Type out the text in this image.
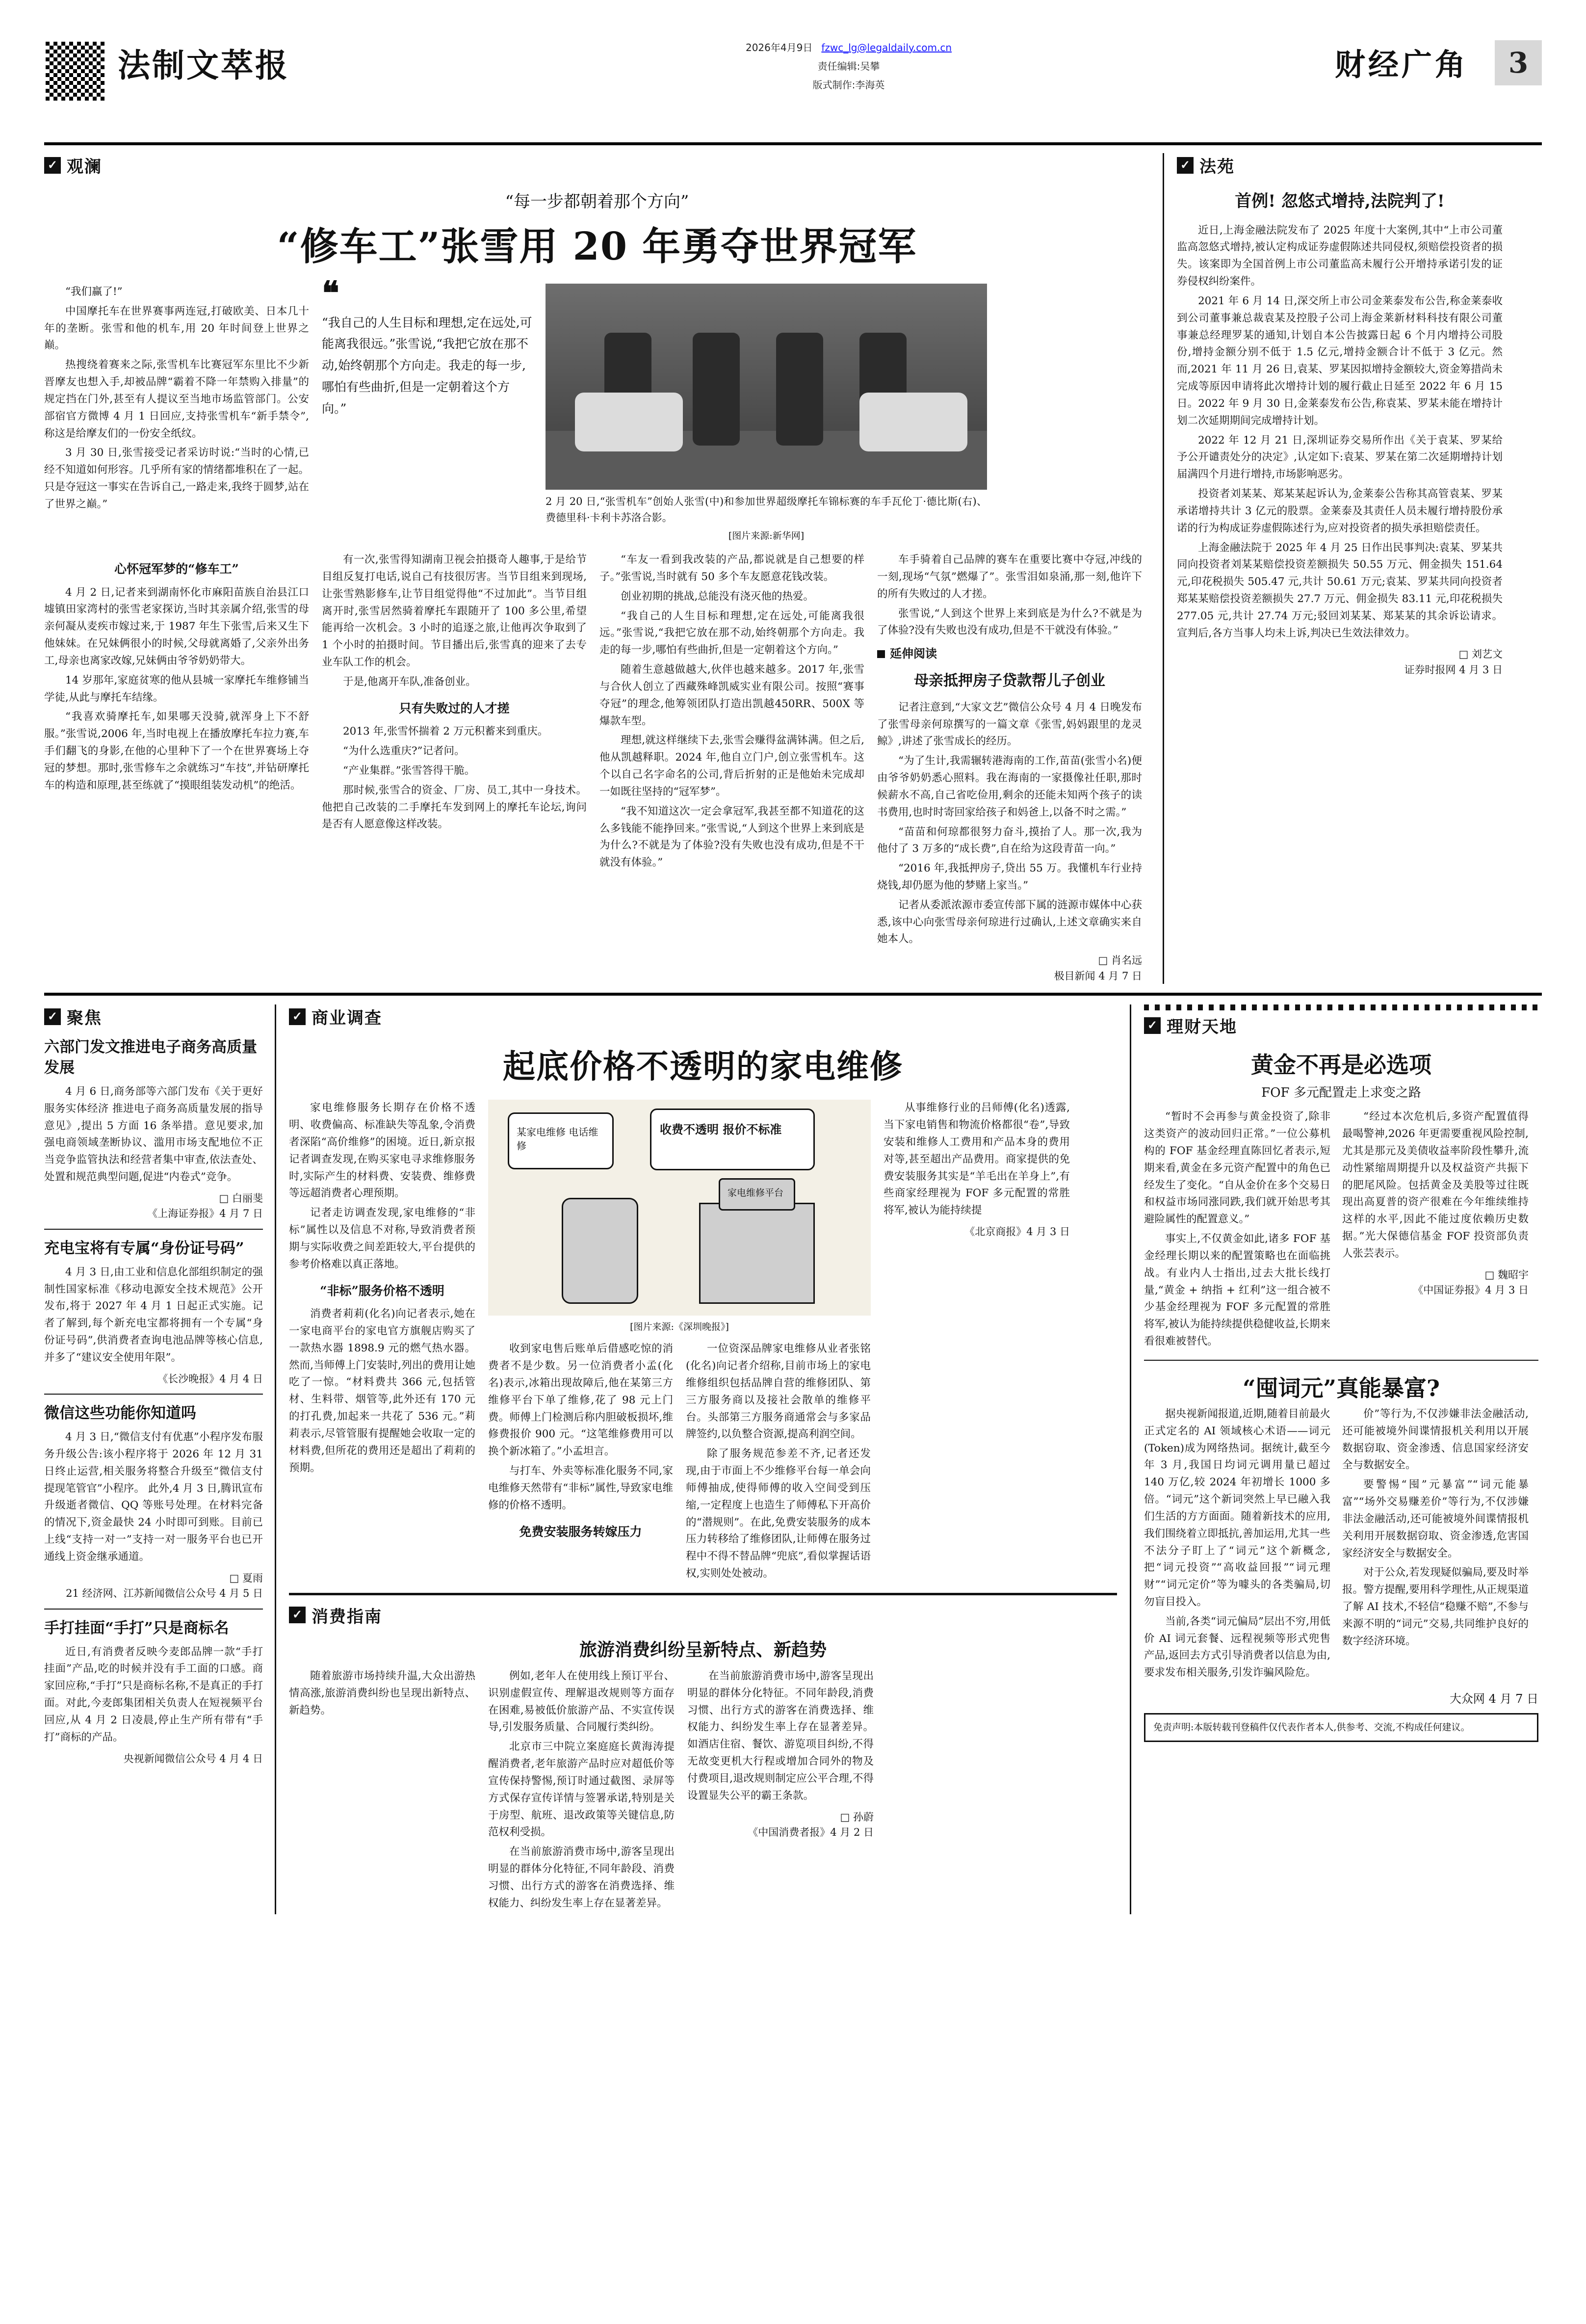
法制文萃报	2026年4月9日 fzwc_lg@legaldaily.com.cn
责任编辑:吴攀
版式制作:李海英
财经广角	3
✓ 观澜
“每一步都朝着那个方向”
“修车工”张雪用 20 年勇夺世界冠军

“我们赢了!”

中国摩托车在世界赛事两连冠,打破欧美、日本几十年的垄断。张雪和他的机车,用 20 年时间登上世界之巅。

热搜绕着赛来之际,张雪机车比赛冠军东里比不少新晋摩友也想入手,却被品牌“霸着不降一年禁购入排量”的规定挡在门外,甚至有人提议至当地市场监管部门。公安部宿官方微博 4 月 1 日回应,支持张雪机车“新手禁令”,称这是给摩友们的一份安全纸纹。

3 月 30 日,张雪接受记者采访时说:“当时的心情,已经不知道如何形容。几乎所有家的情绪都堆积在了一起。只是夺冠这一事实在告诉自己,一路走来,我终于圆梦,站在了世界之巅。”

❝
“我自己的人生目标和理想,定在远处,可能离我很远。”张雪说,“我把它放在那不动,始终朝那个方向走。我走的每一步,哪怕有些曲折,但是一定朝着这个方向。”
2 月 20 日,“张雪机车”创始人张雪(中)和参加世界超级摩托车锦标赛的车手瓦伦丁·德比斯(右)、费德里科·卡利卡苏洛合影。
[图片来源:新华网]
心怀冠军梦的“修车工”

4 月 2 日,记者来到湖南怀化市麻阳苗族自治县江口墟镇田家湾村的张雪老家探访,当时其亲属介绍,张雪的母亲何凝从麦疾市嫁过来,于 1987 年生下张雪,后来又生下他妹妹。在兄妹俩很小的时候,父母就离婚了,父亲外出务工,母亲也离家改嫁,兄妹俩由爷爷奶奶带大。

14 岁那年,家庭贫寒的他从县城一家摩托车维修铺当学徒,从此与摩托车结缘。

“我喜欢骑摩托车,如果哪天没骑,就浑身上下不舒服。”张雪说,2006 年,当时电视上在播放摩托车拉力赛,车手们翻飞的身影,在他的心里种下了一个在世界赛场上夺冠的梦想。那时,张雪修车之余就练习“车技”,并钻研摩托车的构造和原理,甚至练就了“摸眼组装发动机”的绝活。

有一次,张雪得知湖南卫视会拍摄奇人趣事,于是给节目组反复打电话,说自己有技很厉害。当节目组来到现场,让张雪熟影修车,让节目组觉得他“不过加此”。当节目组离开时,张雪居然骑着摩托车跟随开了 100 多公里,希望能再给一次机会。3 小时的追逐之旅,让他再次争取到了 1 个小时的拍摄时间。节目播出后,张雪真的迎来了去专业车队工作的机会。

于是,他离开车队,准备创业。

只有失败过的人才搓

2013 年,张雪怀揣着 2 万元积蓄来到重庆。

“为什么选重庆?”记者问。

“产业集群。”张雪答得干脆。

那时候,张雪合的资金、厂房、员工,其中一身技术。他把自己改装的二手摩托车发到网上的摩托车论坛,询问是否有人愿意像这样改装。

“车友一看到我改装的产品,都说就是自己想要的样子。”张雪说,当时就有 50 多个车友愿意花钱改装。

创业初期的挑战,总能没有浇灭他的热爱。

“我自己的人生目标和理想,定在远处,可能离我很远。”张雪说,“我把它放在那不动,始终朝那个方向走。我走的每一步,哪怕有些曲折,但是一定朝着这个方向。”

随着生意越做越大,伙伴也越来越多。2017 年,张雪与合伙人创立了西藏殊峰凯威实业有限公司。按照“赛事夺冠”的理念,他筹领团队打造出凯越450RR、500X 等爆款车型。

理想,就这样继续下去,张雪会赚得盆满钵满。但之后,他从凯越释职。2024 年,他自立门户,创立张雪机车。这个以自己名字命名的公司,背后折射的正是他始未完成却一如既往坚持的“冠军梦”。

“我不知道这次一定会拿冠军,我甚至都不知道花的这么多钱能不能挣回来。”张雪说,“人到这个世界上来到底是为什么?不就是为了体验?没有失败也没有成功,但是不干就没有体验。”

车手骑着自己品牌的赛车在重要比赛中夺冠,冲线的一刻,现场“气氛”燃爆了”。张雪泪如泉涌,那一刻,他许下的所有失败过的人才搓。

张雪说,“人到这个世界上来到底是为什么?不就是为了体验?没有失败也没有成功,但是不干就没有体验。”

延伸阅读
母亲抵押房子贷款帮儿子创业

记者注意到,“大家文艺”微信公众号 4 月 4 日晚发布了张雪母亲何琼撰写的一篇文章《张雪,妈妈跟里的龙灵鲸》,讲述了张雪成长的经历。

“为了生计,我需辗转港海南的工作,苗苗(张雪小名)便由爷爷奶奶悉心照料。我在海南的一家摄像社任职,那时候薪水不高,自己省吃俭用,剩余的还能未知两个孩子的读书费用,也时时寄回家给孩子和妈爸上,以备不时之需。”

“苗苗和何琼都很努力奋斗,摸抬了人。那一次,我为他付了 3 万多的“成长费”,自在给为这段青苗一向。”

“2016 年,我抵押房子,贷出 55 万。我懂机车行业持烧钱,却仍愿为他的梦赌上家当。”

记者从委派浓源市委宣传部下属的涟源市媒体中心获悉,该中心向张雪母亲何琼进行过确认,上述文章确实来自她本人。

□ 肖名远
极目新闻 4 月 7 日
✓ 法苑
首例! 忽悠式增持,法院判了!

近日,上海金融法院发布了 2025 年度十大案例,其中“上市公司董监高忽悠式增持,被认定构成证券虚假陈述共同侵权,须赔偿投资者的损失。该案即为全国首例上市公司董监高未履行公开增持承诺引发的证券侵权纠纷案件。

2021 年 6 月 14 日,深交所上市公司金莱泰发布公告,称金莱泰收到公司董事兼总裁袁某及控股子公司上海金莱新材料科技有限公司董事兼总经理罗某的通知,计划自本公告披露日起 6 个月内增持公司股份,增持金额分别不低于 1.5 亿元,增持金额合计不低于 3 亿元。然而,2021 年 11 月 26 日,袁某、罗某因拟增持金额较大,资金筹措尚未完成等原因申请将此次增持计划的履行截止日延至 2022 年 6 月 15 日。2022 年 9 月 30 日,金莱泰发布公告,称袁某、罗某未能在增持计划二次延期期间完成增持计划。

2022 年 12 月 21 日,深圳证券交易所作出《关于袁某、罗某给予公开谴责处分的决定》,认定如下:袁某、罗某在第二次延期增持计划届满四个月进行增持,市场影响恶劣。

投资者刘某某、郑某某起诉认为,金莱泰公告称其高管袁某、罗某承诺增持共计 3 亿元的股票。金莱泰及其责任人员未履行增持股份承诺的行为构成证券虚假陈述行为,应对投资者的损失承担赔偿责任。

上海金融法院于 2025 年 4 月 25 日作出民事判决:袁某、罗某共同向投资者刘某某赔偿投资差额损失 50.55 万元、佣金损失 151.64 元,印花税损失 505.47 元,共计 50.61 万元;袁某、罗某共同向投资者郑某某赔偿投资差额损失 27.7 万元、佣金损失 83.11 元,印花税损失 277.05 元,共计 27.74 万元;驳回刘某某、郑某某的其余诉讼请求。宣判后,各方当事人均未上诉,判决已生效法律效力。

□ 刘艺文
证券时报网 4 月 3 日
✓ 聚焦
六部门发文推进电子商务高质量发展

4 月 6 日,商务部等六部门发布《关于更好服务实体经济 推进电子商务高质量发展的指导意见》,提出 5 方面 16 条举措。意见要求,加强电商领域垄断协议、滥用市场支配地位不正当竞争监管执法和经营者集中审查,依法查处、处置和规范典型问题,促进“内卷式”竞争。

□ 白丽斐
《上海证券报》4 月 7 日
充电宝将有专属“身份证号码”

4 月 3 日,由工业和信息化部组织制定的强制性国家标准《移动电源安全技术规范》公开发布,将于 2027 年 4 月 1 日起正式实施。记者了解到,每个新充电宝都将拥有一个专属“身份证号码”,供消费者查询电池品牌等核心信息,并多了“建议安全使用年限”。

《长沙晚报》4 月 4 日
微信这些功能你知道吗

4 月 3 日,“微信支付有优惠”小程序发布服务升级公告:该小程序将于 2026 年 12 月 31 日终止运营,相关服务将整合升级至“微信支付提现笔管官”小程序。 此外,4 月 3 日,腾讯宣布升级逝者微信、QQ 等账号处理。在材料完备的情况下,资金最快 24 小时即可到账。目前已上线“支持一对一”支持一对一服务平台也已开通线上资金继承通道。

□ 夏雨
21 经济网、江苏新闻微信公众号 4 月 5 日
手打挂面“手打”只是商标名

近日,有消费者反映今麦郎品牌一款“手打挂面”产品,吃的时候并没有手工面的口感。商家回应称,“手打”只是商标名称,不是真正的手打面。对此,今麦郎集团相关负责人在短视频平台回应,从 4 月 2 日凌晨,停止生产所有带有“手打”商标的产品。

央视新闻微信公众号 4 月 4 日
✓ 商业调查
起底价格不透明的家电维修

家电维修服务长期存在价格不透明、收费偏高、标准缺失等乱象,令消费者深陷“高价维修”的困境。近日,新京报记者调查发现,在购买家电寻求维修服务时,实际产生的材料费、安装费、维修费等远超消费者心理预期。

记者走访调查发现,家电维修的“非标”属性以及信息不对称,导致消费者预期与实际收费之间差距较大,平台提供的参考价格难以真正落地。

“非标”服务价格不透明

消费者莉莉(化名)向记者表示,她在一家电商平台的家电官方旗舰店购买了一款热水器 1898.9 元的燃气热水器。然而,当师傅上门安装时,列出的费用让她吃了一惊。“材料费共 366 元,包括管材、生料带、烟管等,此外还有 170 元的打孔费,加起来一共花了 536 元。”莉莉表示,尽管管服有提醒她会收取一定的材料费,但所花的费用还是超出了莉莉的预期。

某家电维修 电话维修
收费不透明 报价不标准
家电维修平台
[图片来源:《深圳晚报》]

收到家电售后账单后借感吃惊的消费者不是少数。另一位消费者小孟(化名)表示,冰箱出现故障后,他在某第三方维修平台下单了维修,花了 98 元上门费。师傅上门检测后称内胆破板损坏,维修费报价 900 元。“这笔维修费用可以换个新冰箱了。”小孟坦言。

与打车、外卖等标准化服务不同,家电维修天然带有“非标”属性,导致家电维修的价格不透明。

免费安装服务转嫁压力

一位资深品牌家电维修从业者张铭(化名)向记者介绍称,目前市场上的家电维修组织包括品牌自营的维修团队、第三方服务商以及接社会散单的维修平台。头部第三方服务商通常会与多家品牌签约,以负整合资源,提高利润空间。

除了服务规范参差不齐,记者还发现,由于市面上不少维修平台每一单会向师傅抽成,使得师傅的收入空间受到压缩,一定程度上也造生了师傅私下开高价的“潜规则”。在此,免费安装服务的成本压力转移给了维修团队,让师傅在服务过程中不得不替品牌“兜底”,看似掌握话语权,实则处处被动。

从事维修行业的吕师傅(化名)透露,当下家电销售和物流价格都很“卷”,导致安装和维修人工费用和产品本身的费用对等,甚至超出产品费用。商家提供的免费安装服务其实是“羊毛出在羊身上”,有些商家经理视为 FOF 多元配置的常胜将军,被认为能持续提

《北京商报》4 月 3 日
✓ 消费指南
旅游消费纠纷呈新特点、新趋势

随着旅游市场持续升温,大众出游热情高涨,旅游消费纠纷也呈现出新特点、新趋势。

例如,老年人在使用线上预订平台、识别虚假宣传、理解退改规则等方面存在困难,易被低价旅游产品、不实宣传误导,引发服务质量、合同履行类纠纷。

北京市三中院立案庭庭长黄海涛提醒消费者,老年旅游产品时应对超低价等宣传保持警惕,预订时通过截图、录屏等方式保存宣传详情与签署承诺,特别是关于房型、航班、退改政策等关键信息,防范权利受损。

在当前旅游消费市场中,游客呈现出明显的群体分化特征,不同年龄段、消费习惯、出行方式的游客在消费选择、维权能力、纠纷发生率上存在显著差异。

在当前旅游消费市场中,游客呈现出明显的群体分化特征。不同年龄段,消费习惯、出行方式的游客在消费选择、维权能力、纠纷发生率上存在显著差异。如酒店住宿、餐饮、游览项目纠纷,不得无故变更机大行程或增加合同外的物及付费项目,退改规则制定应公平合理,不得设置显失公平的霸王条款。

□ 孙蔚
《中国消费者报》4 月 2 日
✓ 理财天地
黄金不再是必选项
FOF 多元配置走上求变之路

“暂时不会再参与黄金投资了,除非这类资产的波动回归正常。”一位公募机构的 FOF 基金经理直陈回忆者表示,短期来看,黄金在多元资产配置中的角色已经发生了变化。“自从金价在多个交易日和权益市场同涨同跌,我们就开始思考其避险属性的配置意义。”

事实上,不仅黄金如此,诸多 FOF 基金经理长期以来的配置策略也在面临挑战。有业内人士指出,过去大批长线打量,“黄金 + 纳指 + 红利”这一组合被不少基金经理视为 FOF 多元配置的常胜将军,被认为能持续提供稳健收益,长期来看很难被替代。

“经过本次危机后,多资产配置值得最喝警神,2026 年更需要重视风险控制,尤其是那元及美债收益率阶段性攀升,流动性紧缩周期提升以及权益资产共振下的肥尾风险。包括黄金及美股等过往既现出高夏普的资产很难在今年维续维持这样的水平,因此不能过度依赖历史数据。”光大保德信基金 FOF 投资部负责人张芸表示。

□ 魏昭宇
《中国证券报》4 月 3 日
“囤词元”真能暴富?

据央视新闻报道,近期,随着目前最火正式定名的 AI 领域核心术语——词元(Token)成为网络热词。据统计,截至今年 3 月,我国日均词元调用量已超过 140 万亿,较 2024 年初增长 1000 多倍。“词元”这个新词突然上早已融入我们生活的方方面面。随着新技术的应用,我们围绕着立即抵抗,善加运用,尤其一些不法分子盯上了“词元”这个新概念,把“词元投资”“高收益回报”“词元理财”“词元定价”等为噱头的各类骗局,切勿盲目投入。

当前,各类“词元偏局”层出不穷,用低价 AI 词元套餐、远程视频等形式兜售产品,返回去方式引导消费者以信息为由,要求发布相关服务,引发诈骗风险危。

价”等行为,不仅涉嫌非法金融活动,还可能被境外间谍情报机关利用以开展数据窃取、资金渗透、信息国家经济安全与数据安全。

要警惕“囤”元暴富”“词元能暴富”“场外交易赚差价”等行为,不仅涉嫌非法金融活动,还可能被境外间谍情报机关利用开展数据窃取、资金渗透,危害国家经济安全与数据安全。

对于公众,若发现疑似骗局,要及时举报。警方提醒,要用科学理性,从正规渠道了解 AI 技术,不轻信“稳赚不赔”,不参与来源不明的“词元”交易,共同维护良好的数字经济环境。

大众网 4 月 7 日
免责声明:本版转载刊登稿件仅代表作者本人,供参考、交流,不构成任何建议。
